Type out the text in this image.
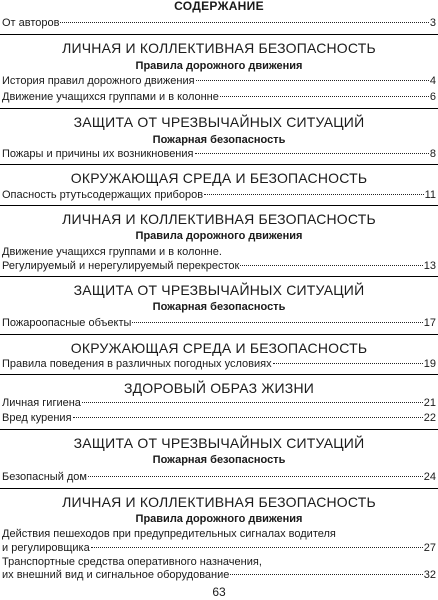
СОДЕРЖАНИЕ
От авторов	3
ЛИЧНАЯ И КОЛЛЕКТИВНАЯ БЕЗОПАСНОСТЬ
Правила дорожного движения
История правил дорожного движения	4
Движение учащихся группами и в колонне	6
ЗАЩИТА ОТ ЧРЕЗВЫЧАЙНЫХ СИТУАЦИЙ
Пожарная безопасность
Пожары и причины их возникновения	8
ОКРУЖАЮЩАЯ СРЕДА И БЕЗОПАСНОСТЬ
Опасность ртутьсодержащих приборов	11
ЛИЧНАЯ И КОЛЛЕКТИВНАЯ БЕЗОПАСНОСТЬ
Правила дорожного движения
Движение учащихся группами и в колонне.
Регулируемый и нерегулируемый перекресток	13
ЗАЩИТА ОТ ЧРЕЗВЫЧАЙНЫХ СИТУАЦИЙ
Пожарная безопасность
Пожароопасные объекты	17
ОКРУЖАЮЩАЯ СРЕДА И БЕЗОПАСНОСТЬ
Правила поведения в различных погодных условиях	19
ЗДОРОВЫЙ ОБРАЗ ЖИЗНИ
Личная гигиена	21
Вред курения	22
ЗАЩИТА ОТ ЧРЕЗВЫЧАЙНЫХ СИТУАЦИЙ
Пожарная безопасность
Безопасный дом	24
ЛИЧНАЯ И КОЛЛЕКТИВНАЯ БЕЗОПАСНОСТЬ
Правила дорожного движения
Действия пешеходов при предупредительных сигналах водителя
и регулировщика	27
Транспортные средства оперативного назначения,
их внешний вид и сигнальное оборудование	32
63
